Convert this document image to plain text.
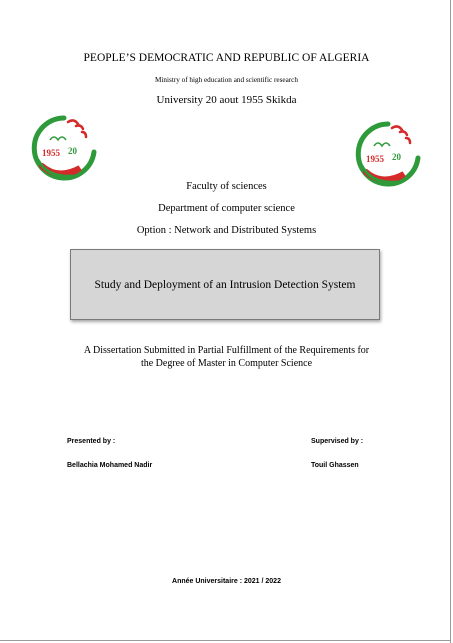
PEOPLE’S DEMOCRATIC AND REPUBLIC OF ALGERIA
Ministry of high education and scientific research
University 20 aout 1955 Skikda
1955 20
1955 20
Faculty of sciences
Department of computer science
Option : Network and Distributed Systems
Study and Deployment of an Intrusion Detection System
A Dissertation Submitted in Partial Fulfillment of the Requirements for
the Degree of Master in Computer Science
Presented by :
Bellachia Mohamed Nadir
Supervised by :
Touil Ghassen
Année Universitaire : 2021 / 2022
